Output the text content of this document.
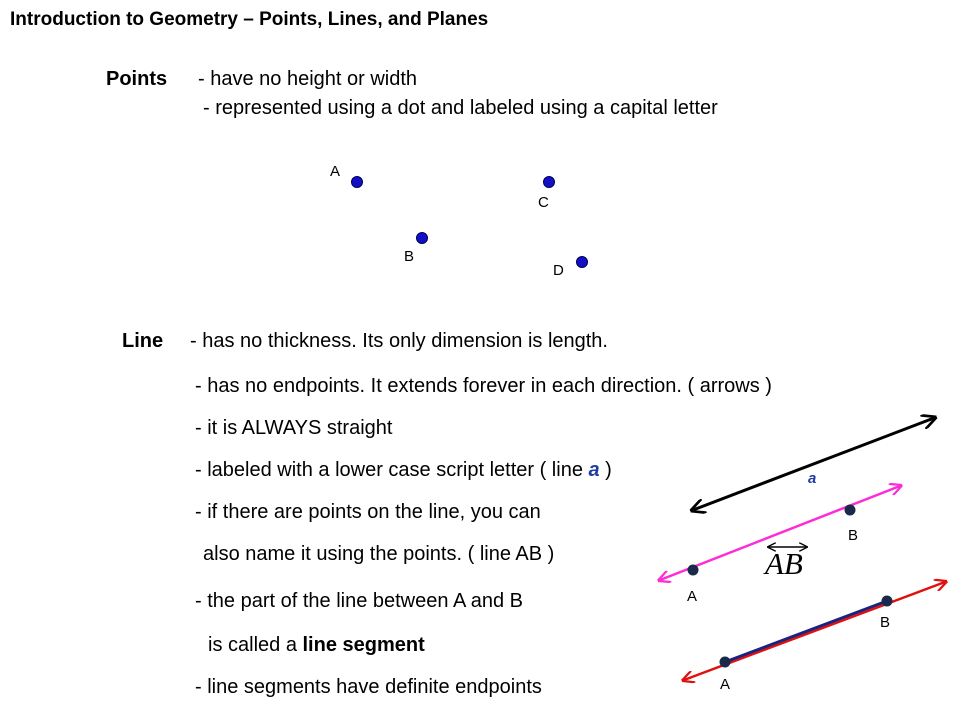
Introduction to Geometry – Points, Lines, and Planes
Points - have no height or width
- represented using a dot and labeled using a capital letter
A
B
C
D
Line - has no thickness. Its only dimension is length.
- has no endpoints. It extends forever in each direction. ( arrows )
- it is ALWAYS straight
- labeled with a lower case script letter ( line a )
- if there are points on the line, you can
also name it using the points. ( line AB )
- the part of the line between A and B
is called a line segment
- line segments have definite endpoints
a
AB
A
B
A
B
